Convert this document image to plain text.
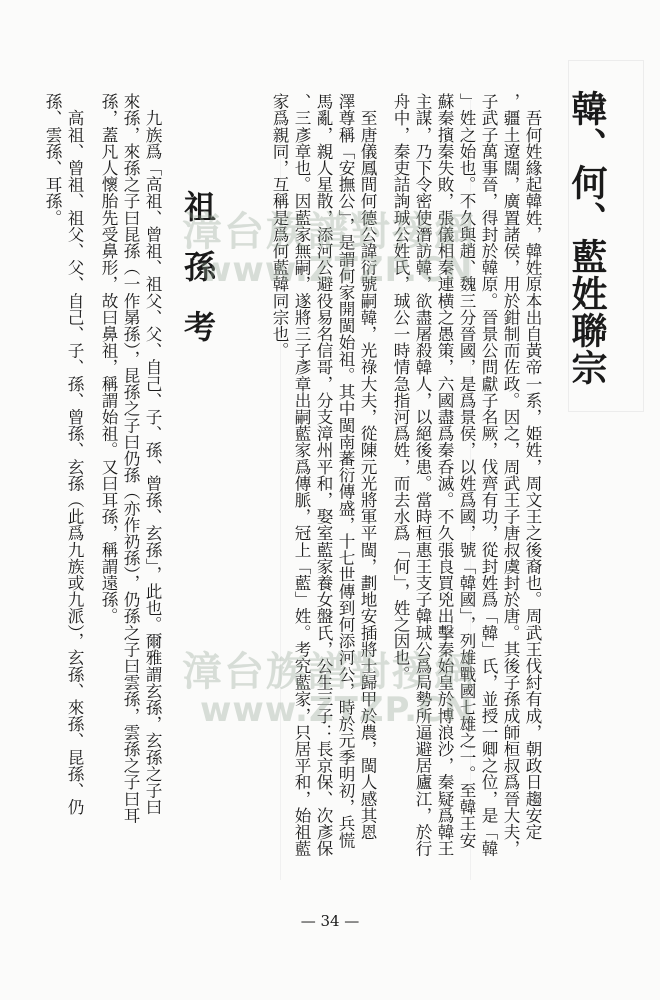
韓、何、藍姓聯宗
　吾何姓緣起韓姓，韓姓原本出自黃帝一系，姫姓，周文王之後裔也。周武王伐紂有成，朝政日趨安定
，疆土遼闊，廣置諸侯，用於鉗制而佐政。因之，周武王子唐叔虞封於唐。其後子孫成師桓叔爲晉大夫，
子武子萬事晉，得封於韓原。晉景公問獻子名厥，伐齊有功，從封姓爲「韓」氏，並授一卿之位，是「韓
」姓之始也。不久與趙、魏三分晉國，是爲景侯，以姓爲國，號「韓國」，列雄戰國七雄之一。至韓王安
蘇秦擯秦失敗，張儀相秦連横之愚策，六國盡爲秦呑滅。不久張良買兇出擊秦始皇於博浪沙，秦疑爲韓王
主謀，乃下令密使潛訪韓，欲盡屠殺韓人，以絕後患。當時桓惠王支子韓珹公爲局勢所逼避居廬江，於行
舟中，秦吏詰詢珹公姓氏，珹公一時情急指河爲姓，而去水爲「何」，姓之因也。
　至唐儀鳳間何德公諱衍號嗣韓，光祿大夫，從陳元光將軍平閩，劃地安插將士歸甲於農，閩人感其恩
澤尊稱「安撫公」，是謂何家開閩始祖。其中閩南蕃衍傳盛，十七世傳到何添河公，時於元季明初，兵慌
馬亂，親人星散，添河公避役易名信哥，分支漳州平和，娶室藍家養女盤氏，公生三子：長京保、次彥保
、三彥章也。因藍家無嗣，遂將三子彥章出嗣藍家爲傳脈，冠上「藍」姓。考究藍家，只居平和，始祖藍
家爲親同，互稱是爲何藍韓同宗也。
祖孫考
　九族爲「高祖、曾祖、祖父、父、自己、子、孫、曾孫、玄孫」，此也。爾雅謂玄孫，玄孫之子曰
來孫，來孫之子曰昆孫（一作晜孫），昆孫之子曰仍孫（亦作礽孫），仍孫之子曰雲孫，雲孫之子曰耳
孫，蓋凡人懷胎先受鼻形，故曰鼻祖，稱謂始祖。又曰耳孫，稱謂遠孫。
　高祖、曾祖、祖父、父、自己、子、孫、曾孫、玄孫（此爲九族或九派），玄孫、來孫、昆孫、仍
孫、雲孫、耳孫。
漳台族譜對接網
www.ZTZP.CN
漳台族譜對接網
www.ZTZP.CN
— 34 —
